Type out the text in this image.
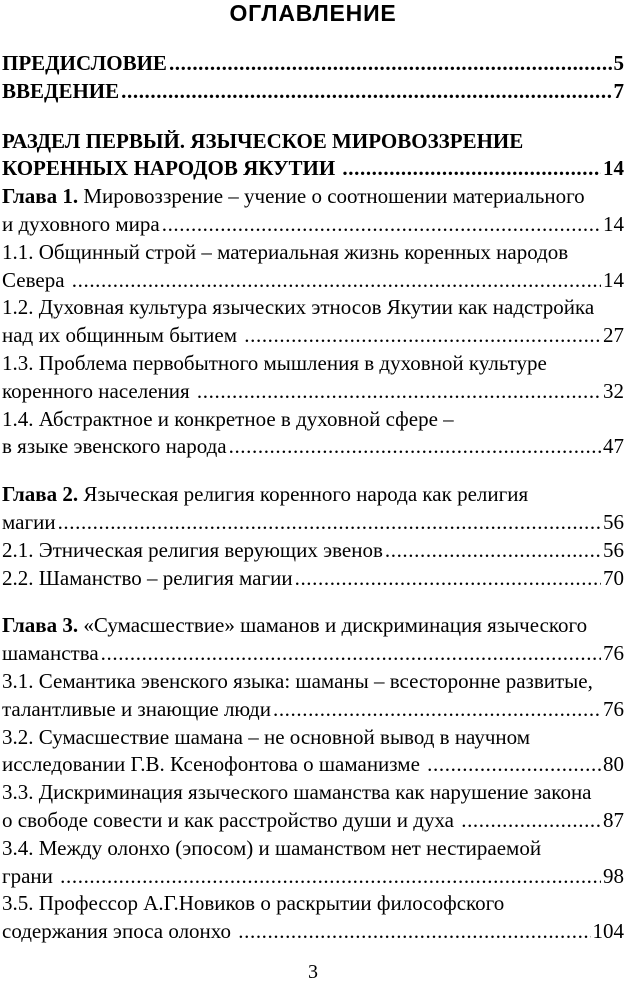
ОГЛАВЛЕНИЕ
ПРЕДИСЛОВИЕ .....	5
ВВЕДЕНИЕ .....	7
РАЗДЕЛ ПЕРВЫЙ. ЯЗЫЧЕСКОЕ МИРОВОЗЗРЕНИЕ
КОРЕННЫХ НАРОДОВ ЯКУТИИ .....	14
Глава 1. Мировоззрение – учение о соотношении материального
и духовного мира .....	14
1.1. Общинный строй – материальная жизнь коренных народов
Севера .....	14
1.2. Духовная культура языческих этносов Якутии как надстройка
над их общинным бытием .....	27
1.3. Проблема первобытного мышления в духовной культуре
коренного населения .....	32
1.4. Абстрактное и конкретное в духовной сфере –
в языке эвенского народа .....	47
Глава 2. Языческая религия коренного народа как религия
магии .....	56
2.1. Этническая религия верующих эвенов .....	56
2.2. Шаманство – религия магии .....	70
Глава 3. «Сумасшествие» шаманов и дискриминация языческого
шаманства .....	76
3.1. Семантика эвенского языка: шаманы – всесторонне развитые,
талантливые и знающие люди .....	76
3.2. Сумасшествие шамана – не основной вывод в научном
исследовании Г.В. Ксенофонтова о шаманизме .....	80
3.3. Дискриминация языческого шаманства как нарушение закона
о свободе совести и как расстройство души и духа .....	87
3.4. Между олонхо (эпосом) и шаманством нет нестираемой
грани .....	98
3.5. Профессор А.Г.Новиков о раскрытии философского
содержания эпоса олонхо .....	104
3
